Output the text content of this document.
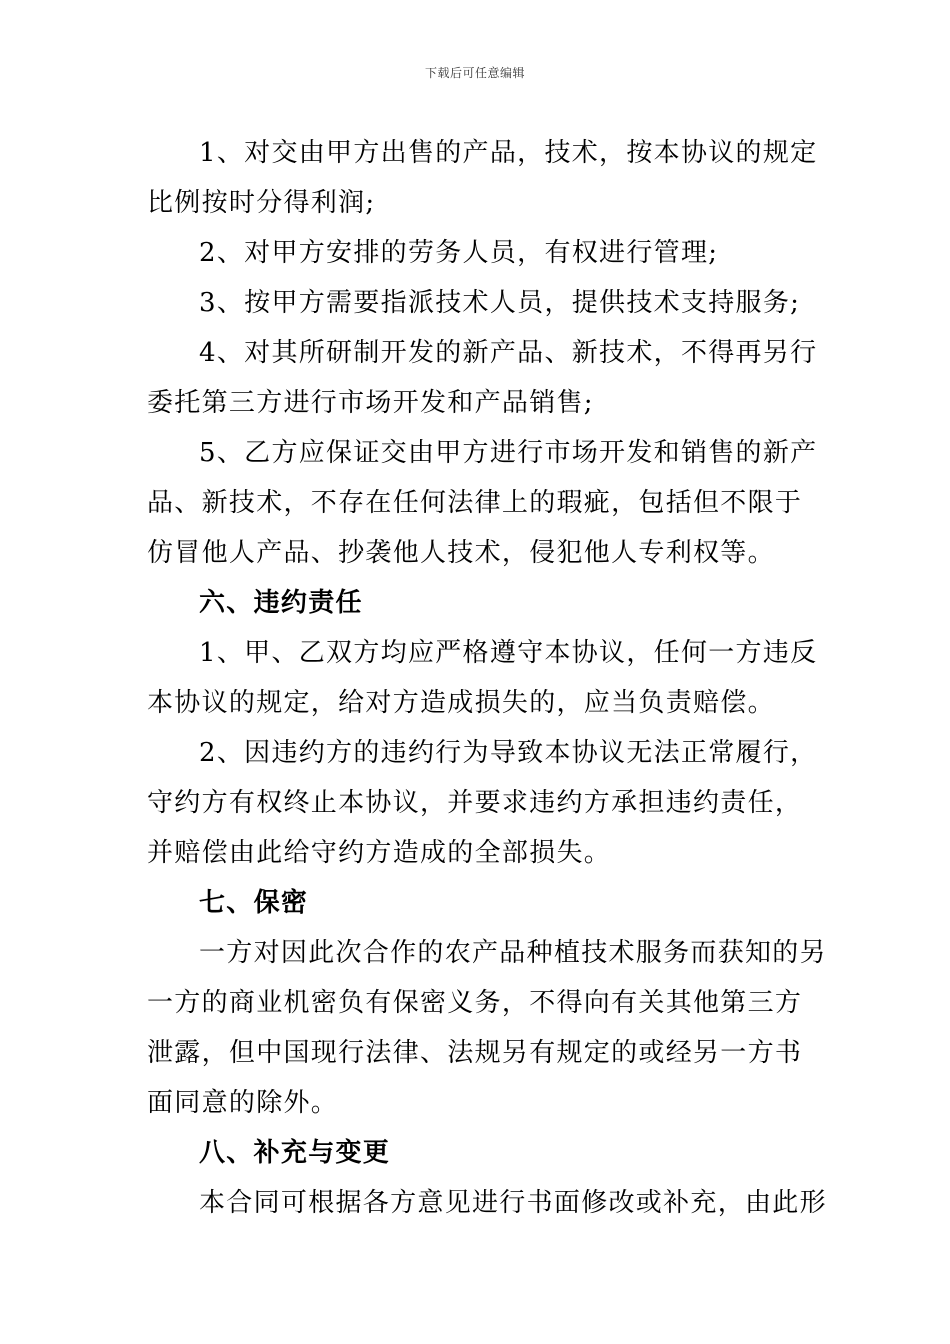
下载后可任意编辑

1、对交由甲方出售的产品，技术，按本协议的规定比例按时分得利润;

2、对甲方安排的劳务人员，有权进行管理;

3、按甲方需要指派技术人员，提供技术支持服务;

4、对其所研制开发的新产品、新技术，不得再另行委托第三方进行市场开发和产品销售;

5、乙方应保证交由甲方进行市场开发和销售的新产品、新技术，不存在任何法律上的瑕疵，包括但不限于仿冒他人产品、抄袭他人技术，侵犯他人专利权等。

六、违约责任

1、甲、乙双方均应严格遵守本协议，任何一方违反本协议的规定，给对方造成损失的，应当负责赔偿。

2、因违约方的违约行为导致本协议无法正常履行，守约方有权终止本协议，并要求违约方承担违约责任，并赔偿由此给守约方造成的全部损失。

七、保密

一方对因此次合作的农产品种植技术服务而获知的另一方的商业机密负有保密义务，不得向有关其他第三方泄露，但中国现行法律、法规另有规定的或经另一方书面同意的除外。

八、补充与变更

本合同可根据各方意见进行书面修改或补充，由此形
